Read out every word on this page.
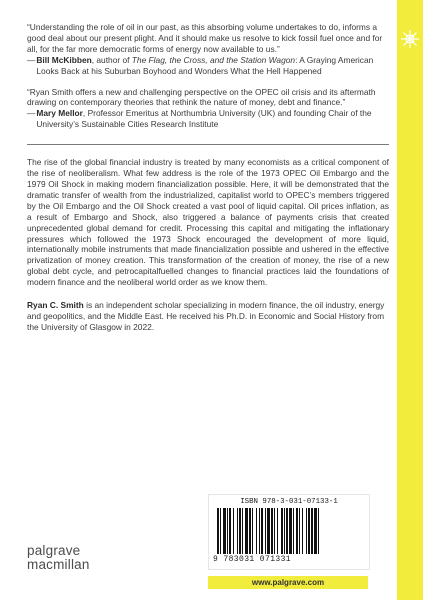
“Understanding the role of oil in our past, as this absorbing volume undertakes to do, informs a good deal about our present plight. And it should make us resolve to kick fossil fuel once and for all, for the far more democratic forms of energy now available to us.”

— Bill McKibben, author of The Flag, the Cross, and the Station Wagon: A Graying American Looks Back at his Suburban Boyhood and Wonders What the Hell Happened

“Ryan Smith offers a new and challenging perspective on the OPEC oil crisis and its aftermath drawing on contemporary theories that rethink the nature of money, debt and finance.”

— Mary Mellor, Professor Emeritus at Northumbria University (UK) and founding Chair of the University’s Sustainable Cities Research Institute

The rise of the global financial industry is treated by many economists as a critical component of the rise of neoliberalism. What few address is the role of the 1973 OPEC Oil Embargo and the 1979 Oil Shock in making modern financialization possible. Here, it will be demonstrated that the dramatic transfer of wealth from the industrialized, capitalist world to OPEC’s members triggered by the Oil Embargo and the Oil Shock created a vast pool of liquid capital. Oil prices inflation, as a result of Embargo and Shock, also triggered a balance of payments crisis that created unprecedented global demand for credit. Processing this capital and mitigating the inflationary pressures which followed the 1973 Shock encouraged the development of more liquid, internationally mobile instruments that made financialization possible and ushered in the effective privatization of money creation. This transformation of the creation of money, the rise of a new global debt cycle, and petrocapitalfuelled changes to financial practices laid the foundations of modern finance and the neoliberal world order as we know them.

Ryan C. Smith is an independent scholar specializing in modern finance, the oil industry, energy and geopolitics, and the Middle East. He received his Ph.D. in Economic and Social History from the University of Glasgow in 2022.

palgrave
macmillan
ISBN 978-3-031-07133-1
9 783031 071331
www.palgrave.com
